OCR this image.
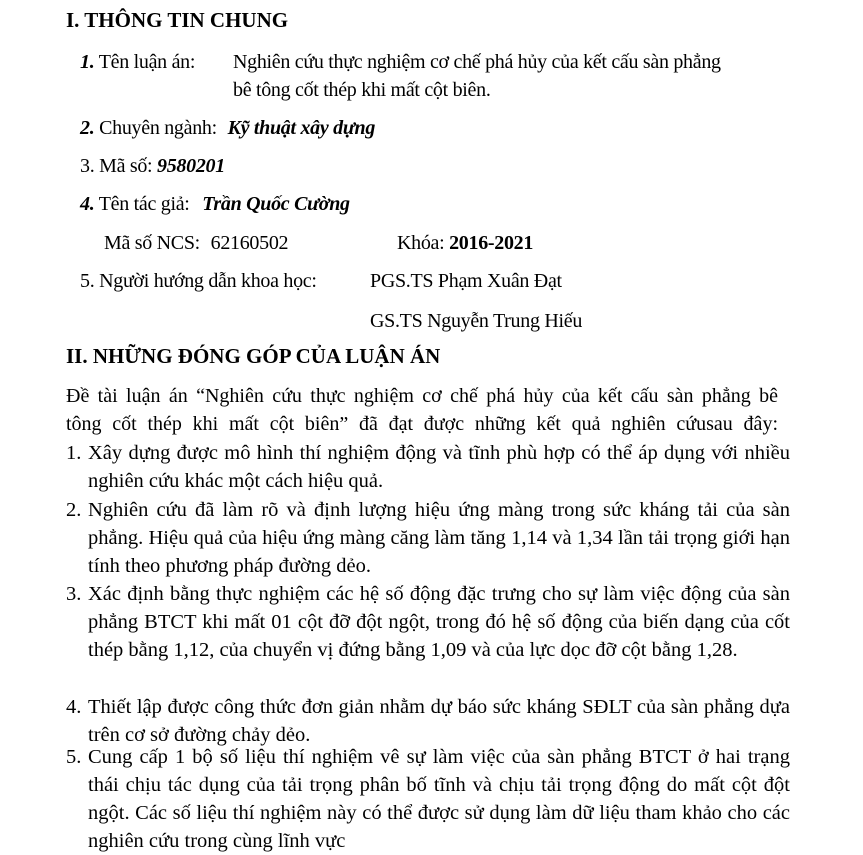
I. THÔNG TIN CHUNG
1. Tên luận án: Nghiên cứu thực nghiệm cơ chế phá hủy của kết cấu sàn phẳng
bê tông cốt thép khi mất cột biên.
2. Chuyên ngành: Kỹ thuật xây dựng
3. Mã số: 9580201
4. Tên tác giả: Trần Quốc Cường
Mã số NCS: 62160502	Khóa: 2016-2021
5. Người hướng dẫn khoa học:	PGS.TS Phạm Xuân Đạt
GS.TS Nguyễn Trung Hiếu
II. NHỮNG ĐÓNG GÓP CỦA LUẬN ÁN
Đề tài luận án “Nghiên cứu thực nghiệm cơ chế phá hủy của kết cấu sàn phẳng bê
tông cốt thép khi mất cột biên” đã đạt được những kết quả nghiên cứusau đây:
1. Xây dựng được mô hình thí nghiệm động và tĩnh phù hợp có thể áp dụng với nhiều nghiên cứu khác một cách hiệu quả.
2. Nghiên cứu đã làm rõ và định lượng hiệu ứng màng trong sức kháng tải của sàn phẳng. Hiệu quả của hiệu ứng màng căng làm tăng 1,14 và 1,34 lần tải trọng giới hạn tính theo phương pháp đường dẻo.
3. Xác định bằng thực nghiệm các hệ số động đặc trưng cho sự làm việc động của sàn phẳng BTCT khi mất 01 cột đỡ đột ngột, trong đó hệ số động của biến dạng của cốt thép bằng 1,12, của chuyển vị đứng bằng 1,09 và của lực dọc đỡ cột bằng 1,28.
4. Thiết lập được công thức đơn giản nhằm dự báo sức kháng SĐLT của sàn phẳng dựa trên cơ sở đường chảy dẻo.
5. Cung cấp 1 bộ số liệu thí nghiệm vê sự làm việc của sàn phẳng BTCT ở hai trạng thái chịu tác dụng của tải trọng phân bố tĩnh và chịu tải trọng động do mất cột đột ngột. Các số liệu thí nghiệm này có thể được sử dụng làm dữ liệu tham khảo cho các nghiên cứu trong cùng lĩnh vực
